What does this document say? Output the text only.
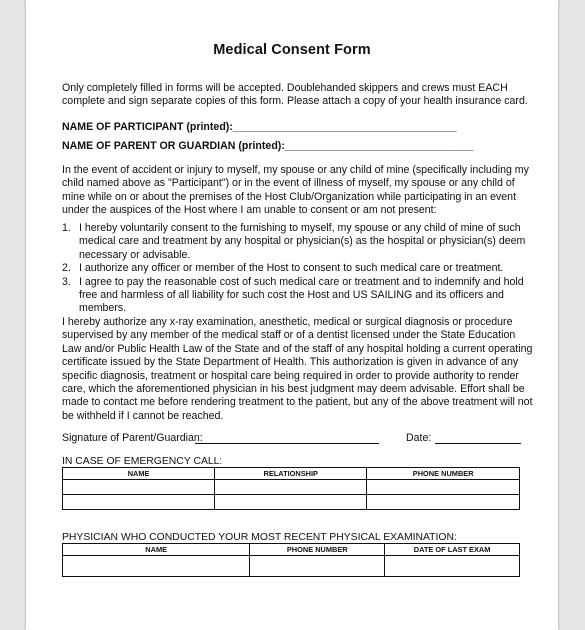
Medical Consent Form

Only completely filled in forms will be accepted. Doublehanded skippers and crews must EACH complete and sign separate copies of this form. Please attach a copy of your health insurance card.

NAME OF PARTICIPANT (printed):______________________________________

NAME OF PARENT OR GUARDIAN (printed):________________________________

In the event of accident or injury to myself, my spouse or any child of mine (specifically including my child named above as "Participant") or in the event of illness of myself, my spouse or any child of mine while on or about the premises of the Host Club/Organization while participating in an event under the auspices of the Host where I am unable to consent or am not present:

1. I hereby voluntarily consent to the furnishing to myself, my spouse or any child of mine of such medical care and treatment by any hospital or physician(s) as the hospital or physician(s) deem necessary or advisable.
2. I authorize any officer or member of the Host to consent to such medical care or treatment.
3. I agree to pay the reasonable cost of such medical care or treatment and to indemnify and hold free and harmless of all liability for such cost the Host and US SAILING and its officers and members.

I hereby authorize any x-ray examination, anesthetic, medical or surgical diagnosis or procedure supervised by any member of the medical staff or of a dentist licensed under the State Education Law and/or Public Health Law of the State and of the staff of any hospital holding a current operating certificate issued by the State Department of Health. This authorization is given in advance of any specific diagnosis, treatment or hospital care being required in order to provide authority to render care, which the aforementioned physician in his best judgment may deem advisable. Effort shall be made to contact me before rendering treatment to the patient, but any of the above treatment will not be withheld if I cannot be reached.

Signature of Parent/Guardian:	Date:
IN CASE OF EMERGENCY CALL:
NAME	RELATIONSHIP	PHONE NUMBER

PHYSICIAN WHO CONDUCTED YOUR MOST RECENT PHYSICAL EXAMINATION:
NAME	PHONE NUMBER	DATE OF LAST EXAM
